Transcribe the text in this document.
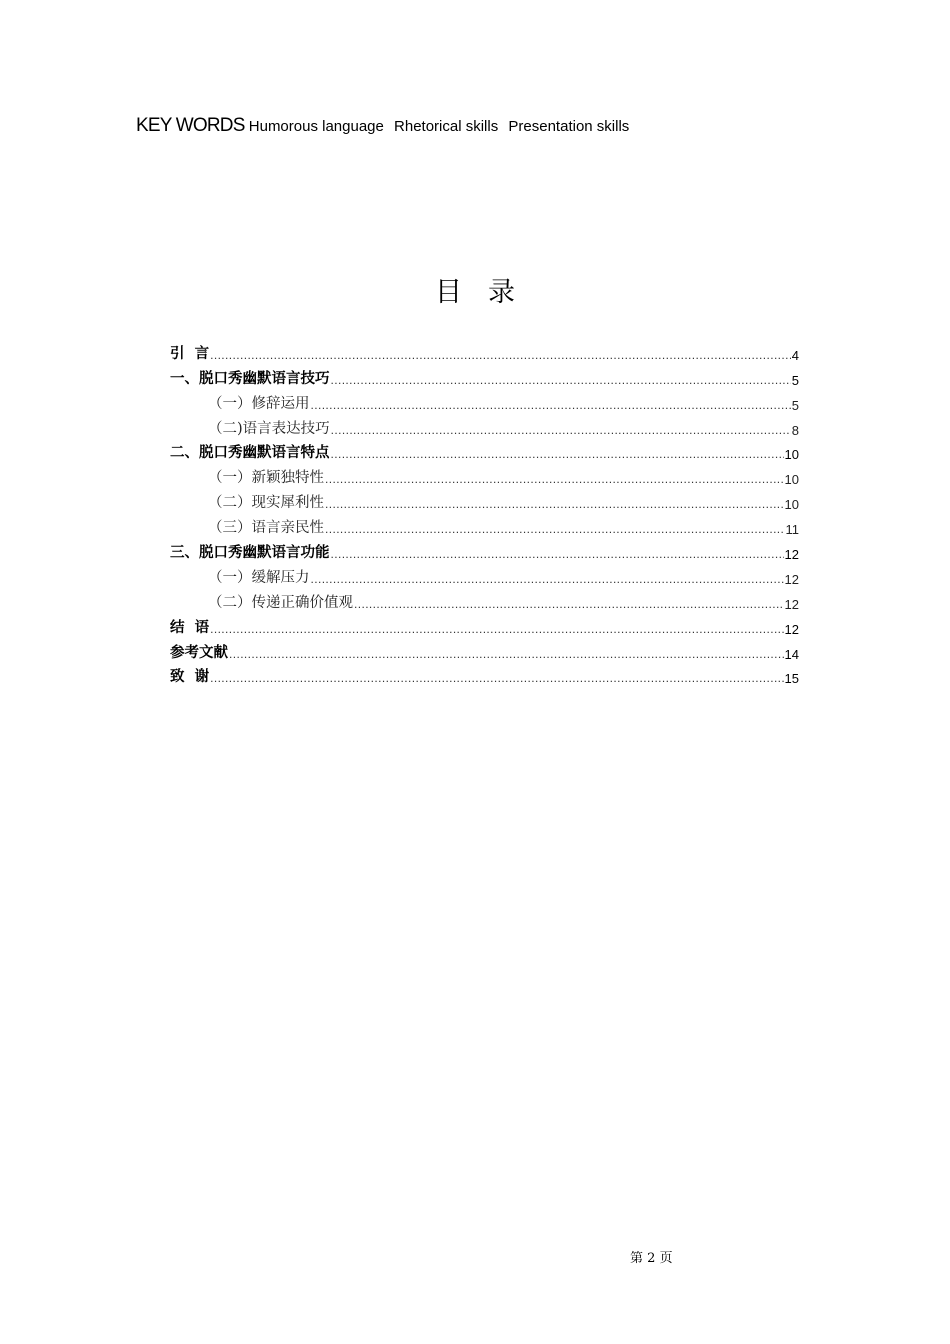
KEY WORDS Humorous language Rhetorical skills Presentation skills
目录
引  言 .....	4
一、脱口秀幽默语言技巧 .....	5
（一）修辞运用 .....	5
（二)语言表达技巧 .....	8
二、脱口秀幽默语言特点 .....	10
（一）新颖独特性 .....	10
（二）现实犀利性 .....	10
（三）语言亲民性 .....	11
三、脱口秀幽默语言功能 .....	12
（一）缓解压力 .....	12
（二）传递正确价值观 .....	12
结  语 .....	12
参考文献 .....	14
致  谢 .....	15
第 2 页
